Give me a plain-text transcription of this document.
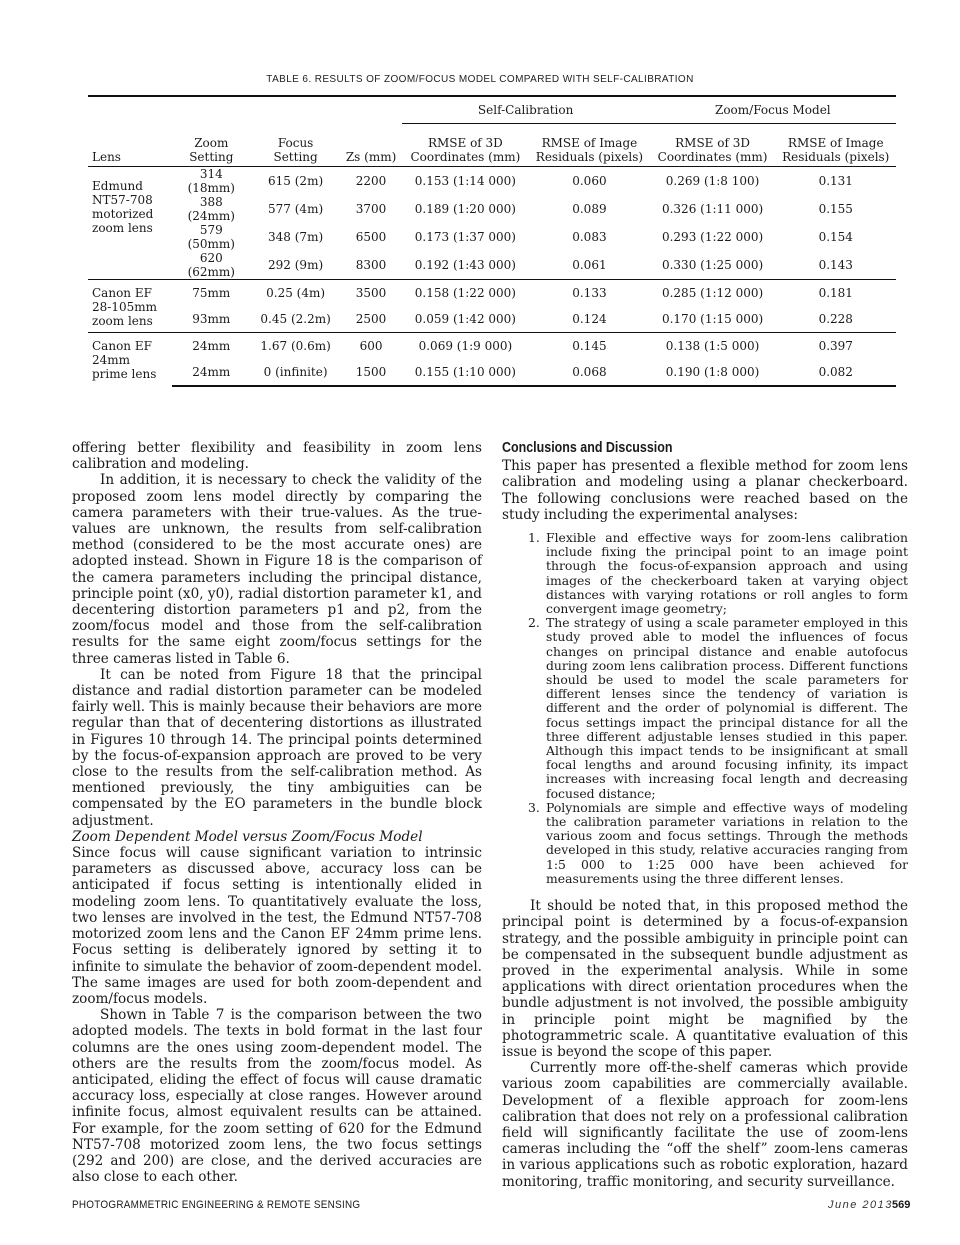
TABLE 6. RESULTS OF ZOOM/FOCUS MODEL COMPARED WITH SELF-CALIBRATION

				Self-Calibration		Zoom/Focus Model	
Lens	Zoom Setting	Focus Setting	Zs (mm)	RMSE of 3D Coordinates (mm)	RMSE of Image Residuals (pixels)	RMSE of 3D Coordinates (mm)	RMSE of Image Residuals (pixels)
Edmund NT57-708 motorized zoom lens	314 (18mm)	615 (2m)	2200	0.153 (1:14 000)	0.060	0.269 (1:8 100)	0.131
	388 (24mm)	577 (4m)	3700	0.189 (1:20 000)	0.089	0.326 (1:11 000)	0.155
	579 (50mm)	348 (7m)	6500	0.173 (1:37 000)	0.083	0.293 (1:22 000)	0.154
	620 (62mm)	292 (9m)	8300	0.192 (1:43 000)	0.061	0.330 (1:25 000)	0.143
Canon EF 28-105mm zoom lens	75mm	0.25 (4m)	3500	0.158 (1:22 000)	0.133	0.285 (1:12 000)	0.181
	93mm	0.45 (2.2m)	2500	0.059 (1:42 000)	0.124	0.170 (1:15 000)	0.228
Canon EF 24mm prime lens	24mm	1.67 (0.6m)	600	0.069 (1:9 000)	0.145	0.138 (1:5 000)	0.397
	24mm	0 (infinite)	1500	0.155 (1:10 000)	0.068	0.190 (1:8 000)	0.082

offering better flexibility and feasibility in zoom lens calibration and modeling.

In addition, it is necessary to check the validity of the proposed zoom lens model directly by comparing the camera parameters with their true-values. As the true-values are unknown, the results from self-calibration method (considered to be the most accurate ones) are adopted instead. Shown in Figure 18 is the comparison of the camera parameters including the principal distance, principle point (x0, y0), radial distortion parameter k1, and decentering distortion parameters p1 and p2, from the zoom/focus model and those from the self-calibration results for the same eight zoom/focus settings for the three cameras listed in Table 6.

It can be noted from Figure 18 that the principal distance and radial distortion parameter can be modeled fairly well. This is mainly because their behaviors are more regular than that of decentering distortions as illustrated in Figures 10 through 14. The principal points determined by the focus-of-expansion approach are proved to be very close to the results from the self-calibration method. As mentioned previously, the tiny ambiguities can be compensated by the EO parameters in the bundle block adjustment.

Zoom Dependent Model versus Zoom/Focus Model

Since focus will cause significant variation to intrinsic parameters as discussed above, accuracy loss can be anticipated if focus setting is intentionally elided in modeling zoom lens. To quantitatively evaluate the loss, two lenses are involved in the test, the Edmund NT57-708 motorized zoom lens and the Canon EF 24mm prime lens. Focus setting is deliberately ignored by setting it to infinite to simulate the behavior of zoom-dependent model. The same images are used for both zoom-dependent and zoom/focus models.

Shown in Table 7 is the comparison between the two adopted models. The texts in bold format in the last four columns are the ones using zoom-dependent model. The others are the results from the zoom/focus model. As anticipated, eliding the effect of focus will cause dramatic accuracy loss, especially at close ranges. However around infinite focus, almost equivalent results can be attained. For example, for the zoom setting of 620 for the Edmund NT57-708 motorized zoom lens, the two focus settings (292 and 200) are close, and the derived accuracies are also close to each other.

Conclusions and Discussion

This paper has presented a flexible method for zoom lens calibration and modeling using a planar checkerboard. The following conclusions were reached based on the study including the experimental analyses:

1. Flexible and effective ways for zoom-lens calibration include fixing the principal point to an image point through the focus-of-expansion approach and using images of the checkerboard taken at varying object distances with varying rotations or roll angles to form convergent image geometry;
2. The strategy of using a scale parameter employed in this study proved able to model the influences of focus changes on principal distance and enable autofocus during zoom lens calibration process. Different functions should be used to model the scale parameters for different lenses since the tendency of variation is different and the order of polynomial is different. The focus settings impact the principal distance for all the three different adjustable lenses studied in this paper. Although this impact tends to be insignificant at small focal lengths and around focusing infinity, its impact increases with increasing focal length and decreasing focused distance;
3. Polynomials are simple and effective ways of modeling the calibration parameter variations in relation to the various zoom and focus settings. Through the methods developed in this study, relative accuracies ranging from 1:5 000 to 1:25 000 have been achieved for measurements using the three different lenses.

It should be noted that, in this proposed method the principal point is determined by a focus-of-expansion strategy, and the possible ambiguity in principle point can be compensated in the subsequent bundle adjustment as proved in the experimental analysis. While in some applications with direct orientation procedures when the bundle adjustment is not involved, the possible ambiguity in principle point might be magnified by the photogrammetric scale. A quantitative evaluation of this issue is beyond the scope of this paper.

Currently more off-the-shelf cameras which provide various zoom capabilities are commercially available. Development of a flexible approach for zoom-lens calibration that does not rely on a professional calibration field will significantly facilitate the use of zoom-lens cameras including the “off the shelf” zoom-lens cameras in various applications such as robotic exploration, hazard monitoring, traffic monitoring, and security surveillance.

PHOTOGRAMMETRIC ENGINEERING & REMOTE SENSING	June 2013 569
